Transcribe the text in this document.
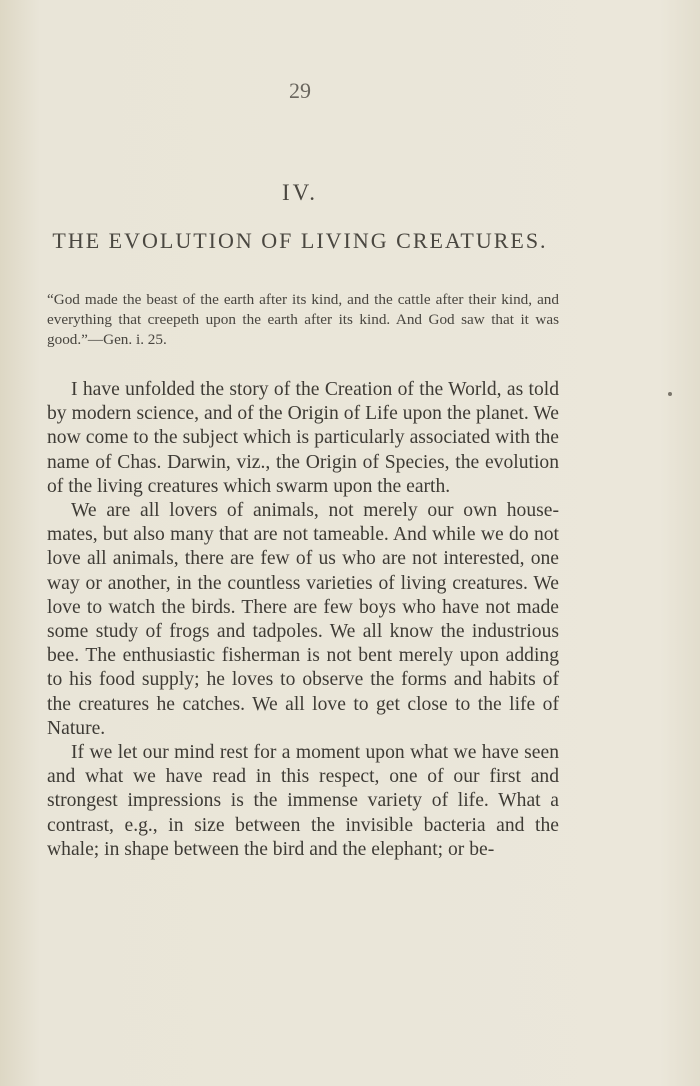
29
IV.
THE EVOLUTION OF LIVING CREATURES.
“God made the beast of the earth after its kind, and the cattle after their kind, and everything that creepeth upon the earth after its kind. And God saw that it was good.”—Gen. i. 25.

I have unfolded the story of the Creation of the World, as told by modern science, and of the Origin of Life upon the planet. We now come to the subject which is particularly associated with the name of Chas. Darwin, viz., the Origin of Species, the evolution of the living creatures which swarm upon the earth.

We are all lovers of animals, not merely our own house-mates, but also many that are not tameable. And while we do not love all animals, there are few of us who are not interested, one way or another, in the countless varieties of living creatures. We love to watch the birds. There are few boys who have not made some study of frogs and tadpoles. We all know the industrious bee. The enthusiastic fisherman is not bent merely upon adding to his food supply; he loves to observe the forms and habits of the creatures he catches. We all love to get close to the life of Nature.

If we let our mind rest for a moment upon what we have seen and what we have read in this respect, one of our first and strongest impressions is the immense variety of life. What a contrast, e.g., in size between the invisible bacteria and the whale; in shape between the bird and the elephant; or be-
